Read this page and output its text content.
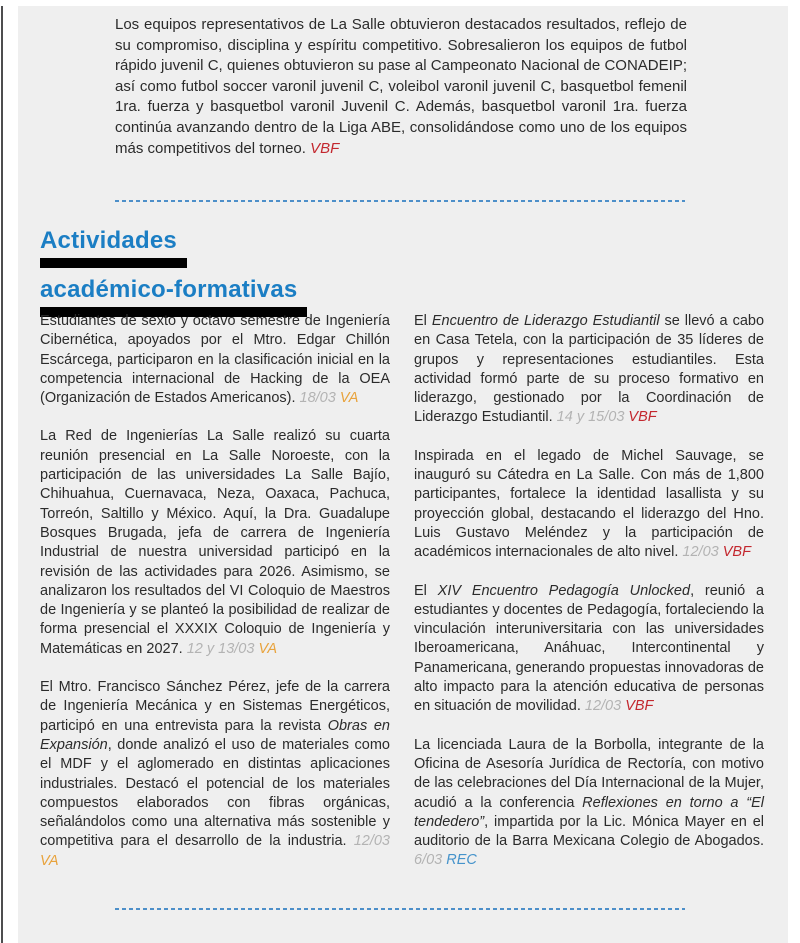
Los equipos representativos de La Salle obtuvieron destacados resultados, reflejo de su compromiso, disciplina y espíritu competitivo. Sobresalieron los equipos de futbol rápido juvenil C, quienes obtuvieron su pase al Campeonato Nacional de CONADEIP; así como futbol soccer varonil juvenil C, voleibol varonil juvenil C, basquetbol femenil 1ra. fuerza y basquetbol varonil Juvenil C. Además, basquetbol varonil 1ra. fuerza continúa avanzando dentro de la Liga ABE, consolidándose como uno de los equipos más competitivos del torneo. VBF

Actividades
académico-formativas

Estudiantes de sexto y octavo semestre de Ingeniería Cibernética, apoyados por el Mtro. Edgar Chillón Escárcega, participaron en la clasificación inicial en la competencia internacional de Hacking de la OEA (Organización de Estados Americanos). 18/03 VA

La Red de Ingenierías La Salle realizó su cuarta reunión presencial en La Salle Noroeste, con la participación de las universidades La Salle Bajío, Chihuahua, Cuernavaca, Neza, Oaxaca, Pachuca, Torreón, Saltillo y México. Aquí, la Dra. Guadalupe Bosques Brugada, jefa de carrera de Ingeniería Industrial de nuestra universidad participó en la revisión de las actividades para 2026. Asimismo, se analizaron los resultados del VI Coloquio de Maestros de Ingeniería y se planteó la posibilidad de realizar de forma presencial el XXXIX Coloquio de Ingeniería y Matemáticas en 2027. 12 y 13/03 VA

El Mtro. Francisco Sánchez Pérez, jefe de la carrera de Ingeniería Mecánica y en Sistemas Energéticos, participó en una entrevista para la revista Obras en Expansión, donde analizó el uso de materiales como el MDF y el aglomerado en distintas aplicaciones industriales. Destacó el potencial de los materiales compuestos elaborados con fibras orgánicas, señalándolos como una alternativa más sostenible y competitiva para el desarrollo de la industria. 12/03 VA

El Encuentro de Liderazgo Estudiantil se llevó a cabo en Casa Tetela, con la participación de 35 líderes de grupos y representaciones estudiantiles. Esta actividad formó parte de su proceso formativo en liderazgo, gestionado por la Coordinación de Liderazgo Estudiantil. 14 y 15/03 VBF

Inspirada en el legado de Michel Sauvage, se inauguró su Cátedra en La Salle. Con más de 1,800 participantes, fortalece la identidad lasallista y su proyección global, destacando el liderazgo del Hno. Luis Gustavo Meléndez y la participación de académicos internacionales de alto nivel. 12/03 VBF

El XIV Encuentro Pedagogía Unlocked, reunió a estudiantes y docentes de Pedagogía, fortaleciendo la vinculación interuniversitaria con las universidades Iberoamericana, Anáhuac, Intercontinental y Panamericana, generando propuestas innovadoras de alto impacto para la atención educativa de personas en situación de movilidad. 12/03 VBF

La licenciada Laura de la Borbolla, integrante de la Oficina de Asesoría Jurídica de Rectoría, con motivo de las celebraciones del Día Internacional de la Mujer, acudió a la conferencia Reflexiones en torno a “El tendedero”, impartida por la Lic. Mónica Mayer en el auditorio de la Barra Mexicana Colegio de Abogados. 6/03 REC
